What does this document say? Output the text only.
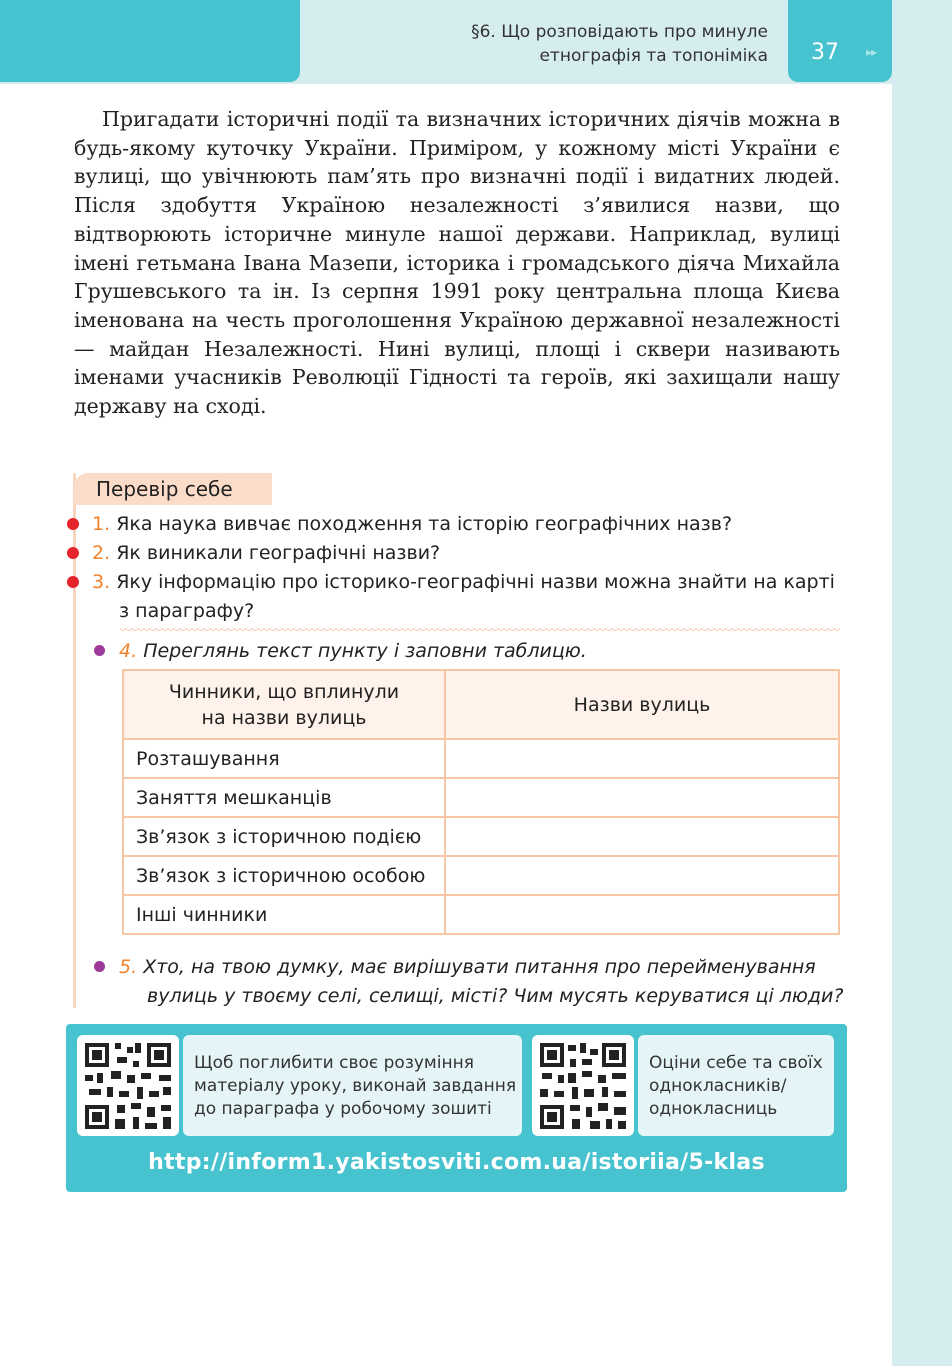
§6. Що розповідають про минуле
етнографія та топоніміка 37 ▸▸

Пригадати історичні події та визначних історичних діячів можна в будь-якому куточку України. Приміром, у кожному місті України є вулиці, що увічнюють пам’ять про визначні події і видатних людей. Після здобуття Україною незалежності з’явилися назви, що відтворюють історичне минуле нашої держави. Наприклад, вулиці імені гетьмана Івана Мазепи, історика і громадського діяча Михайла Грушевського та ін. Із серпня 1991 року центральна площа Києва іменована на честь проголошення Україною державної незалежності — майдан Незалежності. Нині вулиці, площі і сквери називають іменами учасників Революції Гідності та героїв, які захищали нашу державу на сході.

Перевір себе
1. Яка наука вивчає походження та історію географічних назв?
2. Як виникали географічні назви?
3. Яку інформацію про історико-географічні назви можна знайти на карті
з параграфу?
4. Переглянь текст пункту і заповни таблицю.
Чинники, що вплинули
на назви вулиць	Назви вулиць
Розташування	
Заняття мешканців	
Зв’язок з історичною подією	
Зв’язок з історичною особою	
Інші чинники	
5. Хто, на твою думку, має вирішувати питання про перейменування
вулиць у твоєму селі, селищі, місті? Чим мусять керуватися ці люди?
Щоб поглибити своє розуміння
матеріалу уроку, виконай завдання
до параграфа у робочому зошиті
Оціни себе та своїх
однокласників/
однокласниць
http://inform1.yakistosviti.com.ua/istoriia/5-klas
